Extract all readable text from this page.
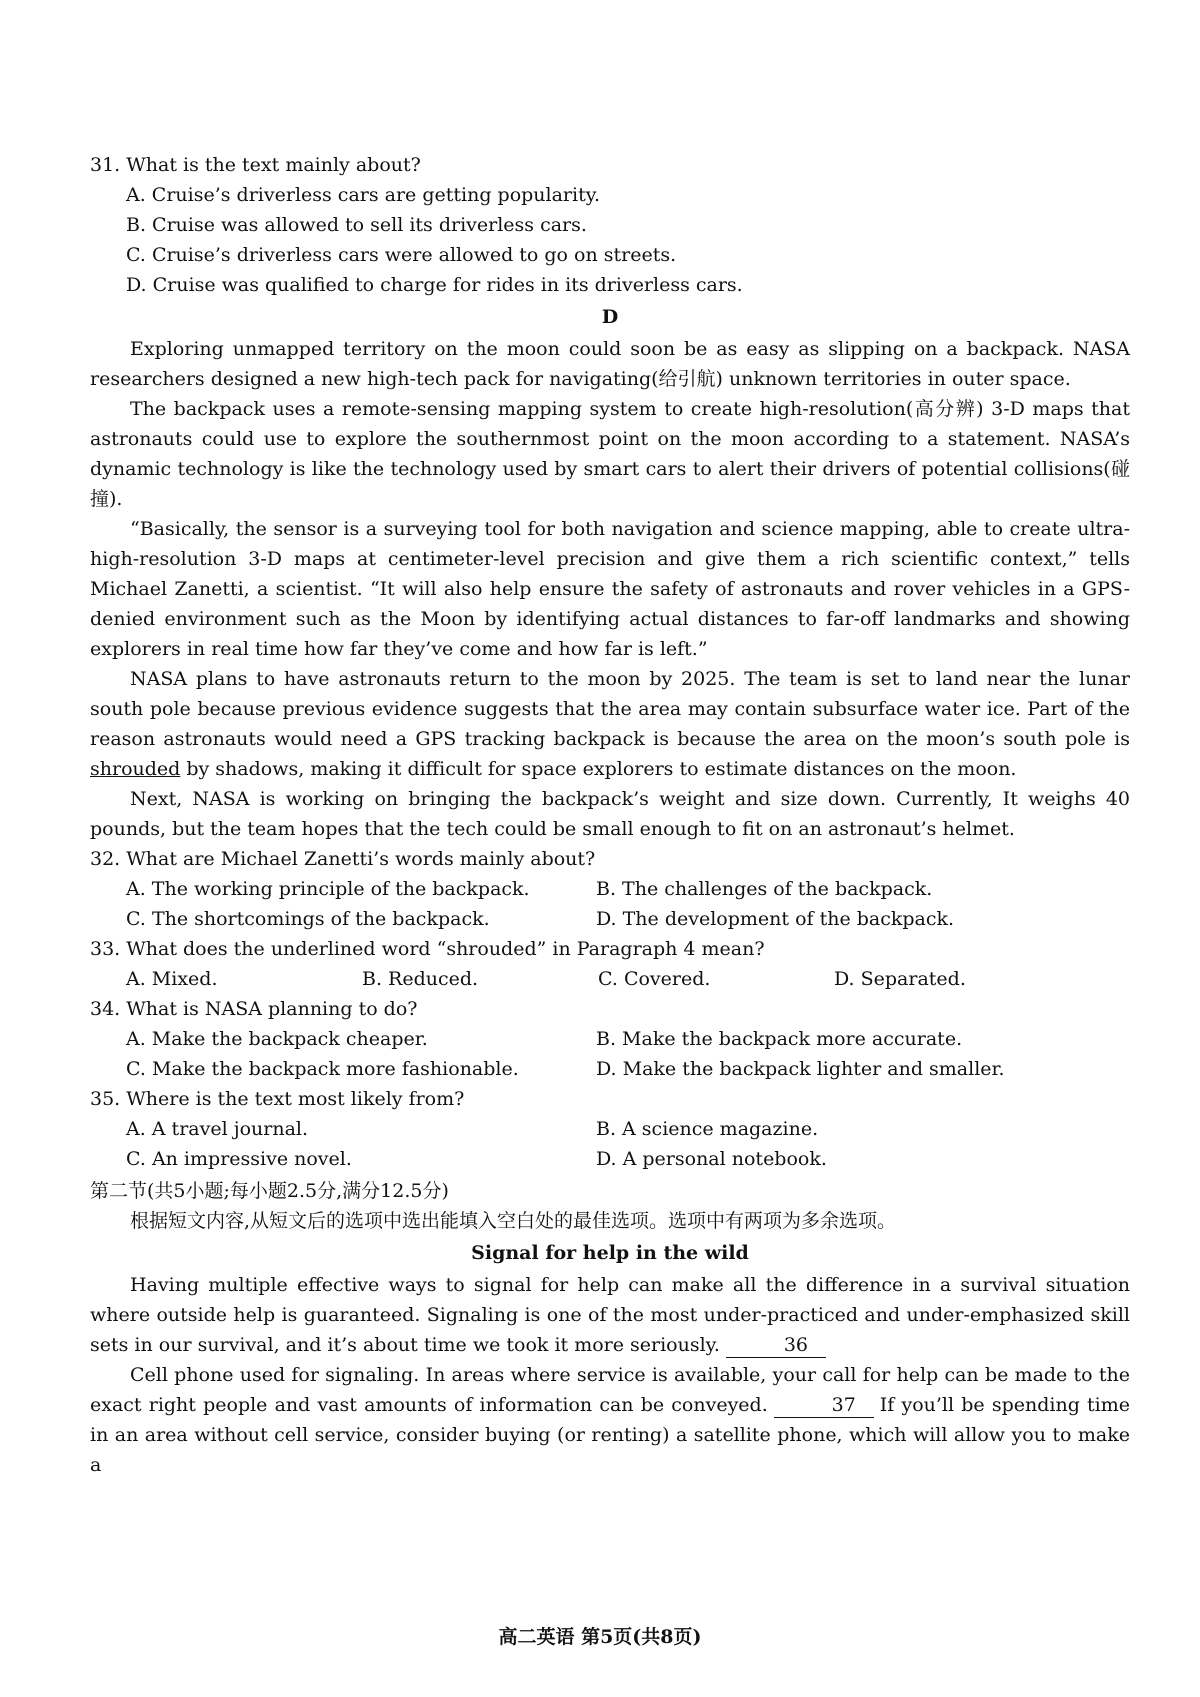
31. What is the text mainly about?

A. Cruise’s driverless cars are getting popularity.

B. Cruise was allowed to sell its driverless cars.

C. Cruise’s driverless cars were allowed to go on streets.

D. Cruise was qualified to charge for rides in its driverless cars.

D

Exploring unmapped territory on the moon could soon be as easy as slipping on a backpack. NASA researchers designed a new high-tech pack for navigating(给引航) unknown territories in outer space.

The backpack uses a remote-sensing mapping system to create high-resolution(高分辨) 3-D maps that astronauts could use to explore the southernmost point on the moon according to a statement. NASA’s dynamic technology is like the technology used by smart cars to alert their drivers of potential collisions(碰撞).

“Basically, the sensor is a surveying tool for both navigation and science mapping, able to create ultra-high-resolution 3-D maps at centimeter-level precision and give them a rich scientific context,” tells Michael Zanetti, a scientist. “It will also help ensure the safety of astronauts and rover vehicles in a GPS-denied environment such as the Moon by identifying actual distances to far-off landmarks and showing explorers in real time how far they’ve come and how far is left.”

NASA plans to have astronauts return to the moon by 2025. The team is set to land near the lunar south pole because previous evidence suggests that the area may contain subsurface water ice. Part of the reason astronauts would need a GPS tracking backpack is because the area on the moon’s south pole is shrouded by shadows, making it difficult for space explorers to estimate distances on the moon.

Next, NASA is working on bringing the backpack’s weight and size down. Currently, It weighs 40 pounds, but the team hopes that the tech could be small enough to fit on an astronaut’s helmet.

32. What are Michael Zanetti’s words mainly about?

A. The working principle of the backpack.	B. The challenges of the backpack.
C. The shortcomings of the backpack.	D. The development of the backpack.

33. What does the underlined word “shrouded” in Paragraph 4 mean?

A. Mixed.	B. Reduced.	C. Covered.	D. Separated.

34. What is NASA planning to do?

A. Make the backpack cheaper.	B. Make the backpack more accurate.
C. Make the backpack more fashionable.	D. Make the backpack lighter and smaller.

35. Where is the text most likely from?

A. A travel journal.	B. A science magazine.
C. An impressive novel.	D. A personal notebook.

第二节(共5小题;每小题2.5分,满分12.5分)

根据短文内容,从短文后的选项中选出能填入空白处的最佳选项。选项中有两项为多余选项。

Signal for help in the wild

Having multiple effective ways to signal for help can make all the difference in a survival situation where outside help is guaranteed. Signaling is one of the most under-practiced and under-emphasized skill sets in our survival, and it’s about time we took it more seriously.	36

Cell phone used for signaling. In areas where service is available, your call for help can be made to the exact right people and vast amounts of information can be conveyed.	37 If you’ll be spending time in an area without cell service, consider buying (or renting) a satellite phone, which will allow you to make a

高二英语 第5页(共8页)
